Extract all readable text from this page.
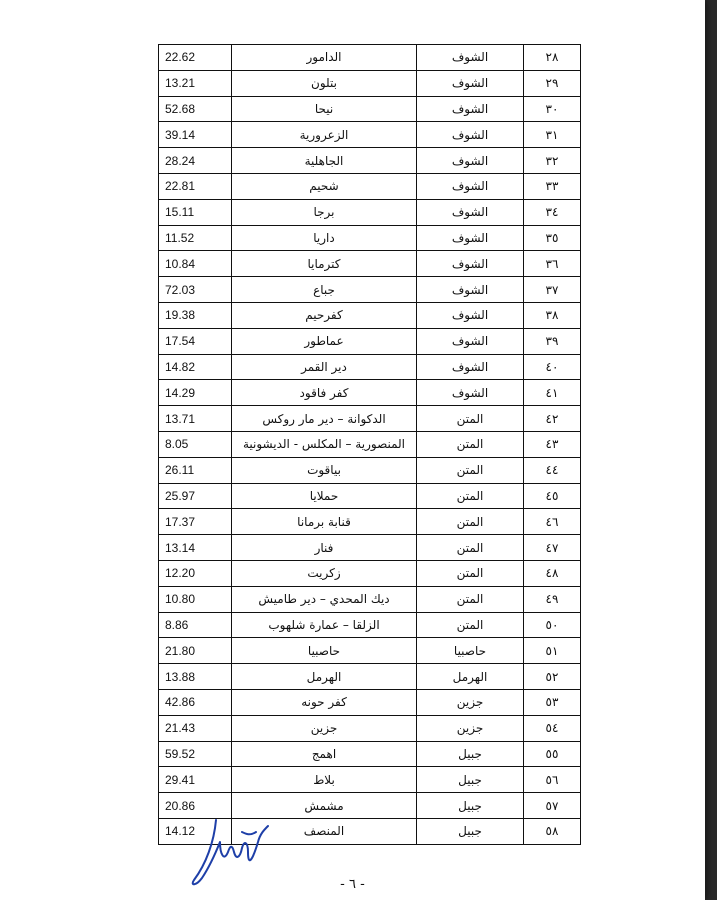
٢٨	الشوف	الدامور	22.62
٢٩	الشوف	بتلون	13.21
٣٠	الشوف	نيحا	52.68
٣١	الشوف	الزعرورية	39.14
٣٢	الشوف	الجاهلية	28.24
٣٣	الشوف	شحيم	22.81
٣٤	الشوف	برجا	15.11
٣٥	الشوف	داريا	11.52
٣٦	الشوف	كترمايا	10.84
٣٧	الشوف	جباع	72.03
٣٨	الشوف	كفرحيم	19.38
٣٩	الشوف	عماطور	17.54
٤٠	الشوف	دير القمر	14.82
٤١	الشوف	كفر فاقود	14.29
٤٢	المتن	الدكوانة – دير مار روكس	13.71
٤٣	المتن	المنصورية – المكلس - الديشونية	8.05
٤٤	المتن	بياقوت	26.11
٤٥	المتن	حملايا	25.97
٤٦	المتن	قنابة برمانا	17.37
٤٧	المتن	فنار	13.14
٤٨	المتن	زكريت	12.20
٤٩	المتن	ديك المحدي – دير طاميش	10.80
٥٠	المتن	الزلقا – عمارة شلهوب	8.86
٥١	حاصبيا	حاصبيا	21.80
٥٢	الهرمل	الهرمل	13.88
٥٣	جزين	كفر حونه	42.86
٥٤	جزين	جزين	21.43
٥٥	جبيل	اهمج	59.52
٥٦	جبيل	بلاط	29.41
٥٧	جبيل	مشمش	20.86
٥٨	جبيل	المنصف	14.12
- ٦ -
